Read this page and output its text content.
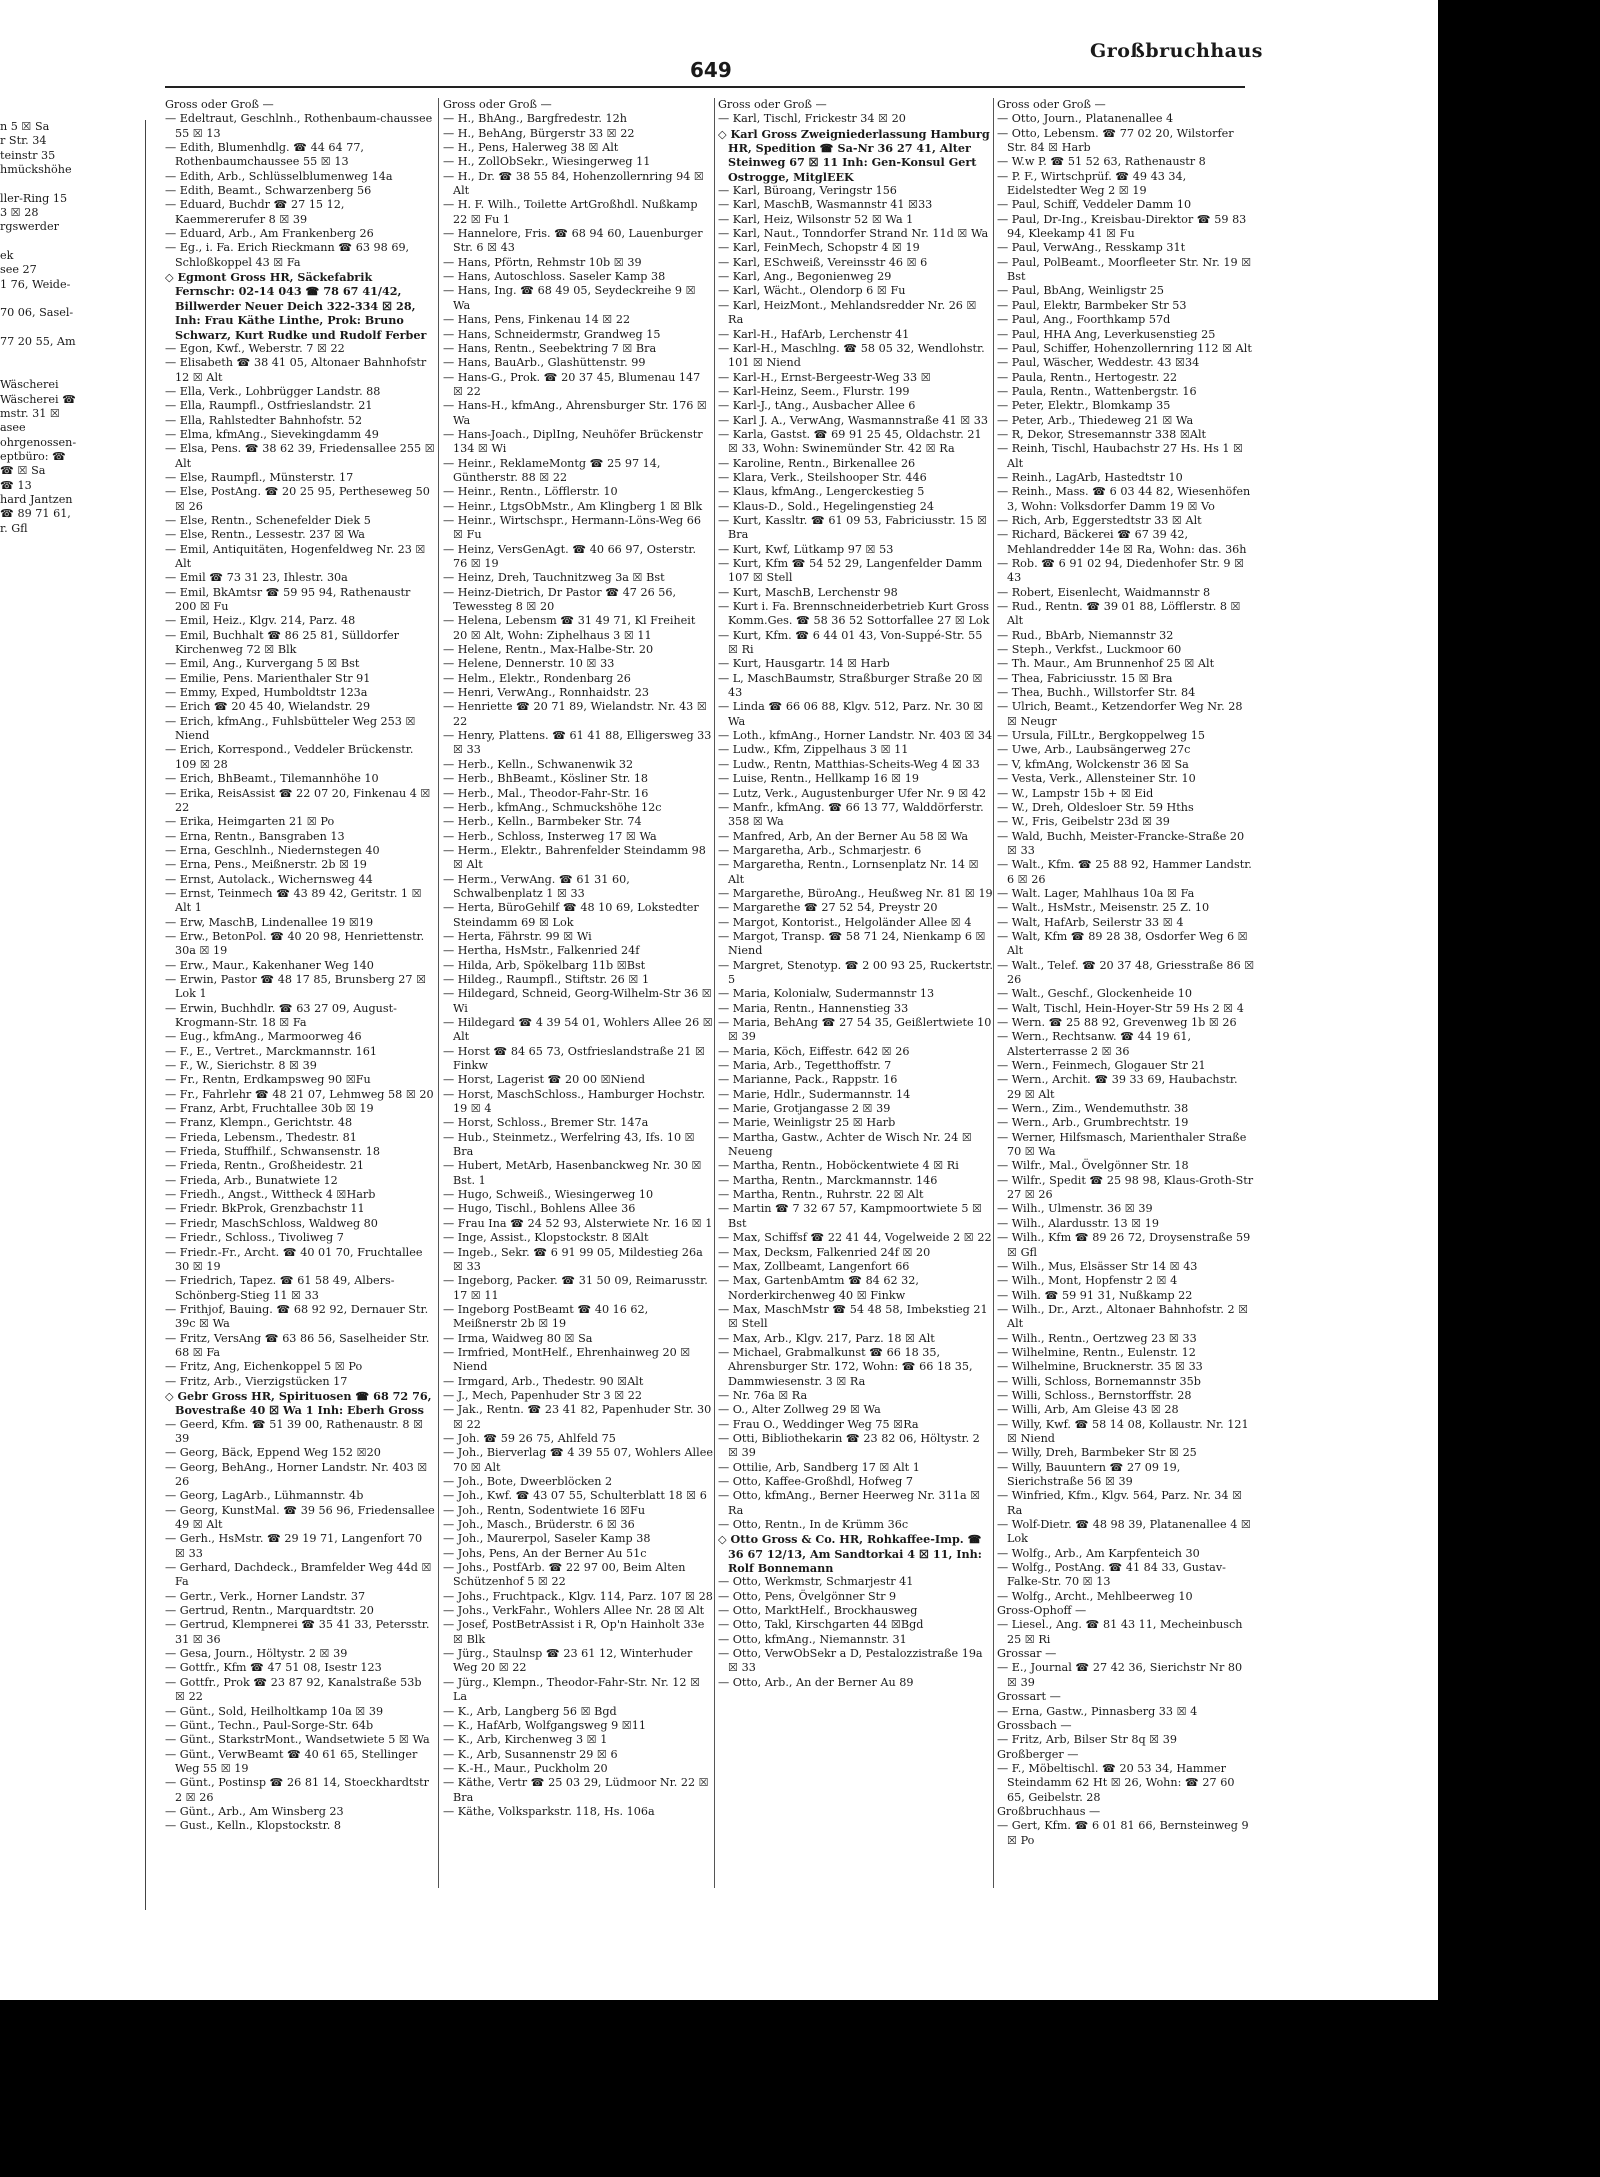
n 5 ☒ Sa
r Str. 34
teinstr 35
hmückshöhe

ller-Ring 15
3 ☒ 28
rgswerder

ek
see 27
1 76, Weide-

70 06, Sasel-

77 20 55, Am

Wäscherei
Wäscherei ☎
mstr. 31 ☒
asee
ohrgenossen-
eptbüro: ☎
☎ ☒ Sa
☎ 13
hard Jantzen
☎ 89 71 61,
r. Gfl
649
Großbruchhaus
Gross oder Groß —
— Edeltraut, Geschlnh., Rothenbaum-chaussee 55 ☒ 13
— Edith, Blumenhdlg. ☎ 44 64 77, Rothenbaumchaussee 55 ☒ 13
— Edith, Arb., Schlüsselblumenweg 14a
— Edith, Beamt., Schwarzenberg 56
— Eduard, Buchdr ☎ 27 15 12, Kaemmererufer 8 ☒ 39
— Eduard, Arb., Am Frankenberg 26
— Eg., i. Fa. Erich Rieckmann ☎ 63 98 69, Schloßkoppel 43 ☒ Fa
◇ Egmont Gross HR, Säckefabrik Fernschr: 02-14 043 ☎ 78 67 41/42, Billwerder Neuer Deich 322-334 ☒ 28, Inh: Frau Käthe Linthe, Prok: Bruno Schwarz, Kurt Rudke und Rudolf Ferber
— Egon, Kwf., Weberstr. 7 ☒ 22
— Elisabeth ☎ 38 41 05, Altonaer Bahnhofstr 12 ☒ Alt
— Ella, Verk., Lohbrügger Landstr. 88
— Ella, Raumpfl., Ostfrieslandstr. 21
— Ella, Rahlstedter Bahnhofstr. 52
— Elma, kfmAng., Sievekingdamm 49
— Elsa, Pens. ☎ 38 62 39, Friedensallee 255 ☒ Alt
— Else, Raumpfl., Münsterstr. 17
— Else, PostAng. ☎ 20 25 95, Pertheseweg 50 ☒ 26
— Else, Rentn., Schenefelder Diek 5
— Else, Rentn., Lessestr. 237 ☒ Wa
— Emil, Antiquitäten, Hogenfeldweg Nr. 23 ☒ Alt
— Emil ☎ 73 31 23, Ihlestr. 30a
— Emil, BkAmtsr ☎ 59 95 94, Rathenaustr 200 ☒ Fu
— Emil, Heiz., Klgv. 214, Parz. 48
— Emil, Buchhalt ☎ 86 25 81, Sülldorfer Kirchenweg 72 ☒ Blk
— Emil, Ang., Kurvergang 5 ☒ Bst
— Emilie, Pens. Marienthaler Str 91
— Emmy, Exped, Humboldtstr 123a
— Erich ☎ 20 45 40, Wielandstr. 29
— Erich, kfmAng., Fuhlsbütteler Weg 253 ☒ Niend
— Erich, Korrespond., Veddeler Brückenstr. 109 ☒ 28
— Erich, BhBeamt., Tilemannhöhe 10
— Erika, ReisAssist ☎ 22 07 20, Finkenau 4 ☒ 22
— Erika, Heimgarten 21 ☒ Po
— Erna, Rentn., Bansgraben 13
— Erna, Geschlnh., Niedernstegen 40
— Erna, Pens., Meißnerstr. 2b ☒ 19
— Ernst, Autolack., Wichernsweg 44
— Ernst, Teinmech ☎ 43 89 42, Geritstr. 1 ☒ Alt 1
— Erw, MaschB, Lindenallee 19 ☒19
— Erw., BetonPol. ☎ 40 20 98, Henriettenstr. 30a ☒ 19
— Erw., Maur., Kakenhaner Weg 140
— Erwin, Pastor ☎ 48 17 85, Brunsberg 27 ☒ Lok 1
— Erwin, Buchhdlr. ☎ 63 27 09, August-Krogmann-Str. 18 ☒ Fa
— Eug., kfmAng., Marmoorweg 46
— F., E., Vertret., Marckmannstr. 161
— F., W., Sierichstr. 8 ☒ 39
— Fr., Rentn, Erdkampsweg 90 ☒Fu
— Fr., Fahrlehr ☎ 48 21 07, Lehmweg 58 ☒ 20
— Franz, Arbt, Fruchtallee 30b ☒ 19
— Franz, Klempn., Gerichtstr. 48
— Frieda, Lebensm., Thedestr. 81
— Frieda, Stuffhilf., Schwansenstr. 18
— Frieda, Rentn., Großheidestr. 21
— Frieda, Arb., Bunatwiete 12
— Friedh., Angst., Wittheck 4 ☒Harb
— Friedr. BkProk, Grenzbachstr 11
— Friedr, MaschSchloss, Waldweg 80
— Friedr., Schloss., Tivoliweg 7
— Friedr.-Fr., Archt. ☎ 40 01 70, Fruchtallee 30 ☒ 19
— Friedrich, Tapez. ☎ 61 58 49, Albers-Schönberg-Stieg 11 ☒ 33
— Frithjof, Bauing. ☎ 68 92 92, Dernauer Str. 39c ☒ Wa
— Fritz, VersAng ☎ 63 86 56, Saselheider Str. 68 ☒ Fa
— Fritz, Ang, Eichenkoppel 5 ☒ Po
— Fritz, Arb., Vierzigstücken 17
◇ Gebr Gross HR, Spirituosen ☎ 68 72 76, Bovestraße 40 ☒ Wa 1 Inh: Eberh Gross
— Geerd, Kfm. ☎ 51 39 00, Rathenaustr. 8 ☒ 39
— Georg, Bäck, Eppend Weg 152 ☒20
— Georg, BehAng., Horner Landstr. Nr. 403 ☒ 26
— Georg, LagArb., Lühmannstr. 4b
— Georg, KunstMal. ☎ 39 56 96, Friedensallee 49 ☒ Alt
— Gerh., HsMstr. ☎ 29 19 71, Langenfort 70 ☒ 33
— Gerhard, Dachdeck., Bramfelder Weg 44d ☒ Fa
— Gertr., Verk., Horner Landstr. 37
— Gertrud, Rentn., Marquardtstr. 20
— Gertrud, Klempnerei ☎ 35 41 33, Petersstr. 31 ☒ 36
— Gesa, Journ., Höltystr. 2 ☒ 39
— Gottfr., Kfm ☎ 47 51 08, Isestr 123
— Gottfr., Prok ☎ 23 87 92, Kanalstraße 53b ☒ 22
— Günt., Sold, Heilholtkamp 10a ☒ 39
— Günt., Techn., Paul-Sorge-Str. 64b
— Günt., StarkstrMont., Wandsetwiete 5 ☒ Wa
— Günt., VerwBeamt ☎ 40 61 65, Stellinger Weg 55 ☒ 19
— Günt., Postinsp ☎ 26 81 14, Stoeckhardtstr 2 ☒ 26
— Günt., Arb., Am Winsberg 23
— Gust., Kelln., Klopstockstr. 8
Gross oder Groß —
— H., BhAng., Bargfredestr. 12h
— H., BehAng, Bürgerstr 33 ☒ 22
— H., Pens, Halerweg 38 ☒ Alt
— H., ZollObSekr., Wiesingerweg 11
— H., Dr. ☎ 38 55 84, Hohenzollernring 94 ☒ Alt
— H. F. Wilh., Toilette ArtGroßhdl. Nußkamp 22 ☒ Fu 1
— Hannelore, Fris. ☎ 68 94 60, Lauenburger Str. 6 ☒ 43
— Hans, Pförtn, Rehmstr 10b ☒ 39
— Hans, Autoschloss. Saseler Kamp 38
— Hans, Ing. ☎ 68 49 05, Seydeckreihe 9 ☒ Wa
— Hans, Pens, Finkenau 14 ☒ 22
— Hans, Schneidermstr, Grandweg 15
— Hans, Rentn., Seebektring 7 ☒ Bra
— Hans, BauArb., Glashüttenstr. 99
— Hans-G., Prok. ☎ 20 37 45, Blumenau 147 ☒ 22
— Hans-H., kfmAng., Ahrensburger Str. 176 ☒ Wa
— Hans-Joach., DiplIng, Neuhöfer Brückenstr 134 ☒ Wi
— Heinr., ReklameMontg ☎ 25 97 14, Güntherstr. 88 ☒ 22
— Heinr., Rentn., Löfflerstr. 10
— Heinr., LtgsObMstr., Am Klingberg 1 ☒ Blk
— Heinr., Wirtschspr., Hermann-Löns-Weg 66 ☒ Fu
— Heinz, VersGenAgt. ☎ 40 66 97, Osterstr. 76 ☒ 19
— Heinz, Dreh, Tauchnitzweg 3a ☒ Bst
— Heinz-Dietrich, Dr Pastor ☎ 47 26 56, Tewessteg 8 ☒ 20
— Helena, Lebensm ☎ 31 49 71, Kl Freiheit 20 ☒ Alt, Wohn: Ziphelhaus 3 ☒ 11
— Helene, Rentn., Max-Halbe-Str. 20
— Helene, Dennerstr. 10 ☒ 33
— Helm., Elektr., Rondenbarg 26
— Henri, VerwAng., Ronnhaidstr. 23
— Henriette ☎ 20 71 89, Wielandstr. Nr. 43 ☒ 22
— Henry, Plattens. ☎ 61 41 88, Elligersweg 33 ☒ 33
— Herb., Kelln., Schwanenwik 32
— Herb., BhBeamt., Kösliner Str. 18
— Herb., Mal., Theodor-Fahr-Str. 16
— Herb., kfmAng., Schmuckshöhe 12c
— Herb., Kelln., Barmbeker Str. 74
— Herb., Schloss, Insterweg 17 ☒ Wa
— Herm., Elektr., Bahrenfelder Steindamm 98 ☒ Alt
— Herm., VerwAng. ☎ 61 31 60, Schwalbenplatz 1 ☒ 33
— Herta, BüroGehilf ☎ 48 10 69, Lokstedter Steindamm 69 ☒ Lok
— Herta, Fährstr. 99 ☒ Wi
— Hertha, HsMstr., Falkenried 24f
— Hilda, Arb, Spökelbarg 11b ☒Bst
— Hildeg., Raumpfl., Stiftstr. 26 ☒ 1
— Hildegard, Schneid, Georg-Wilhelm-Str 36 ☒ Wi
— Hildegard ☎ 4 39 54 01, Wohlers Allee 26 ☒ Alt
— Horst ☎ 84 65 73, Ostfrieslandstraße 21 ☒ Finkw
— Horst, Lagerist ☎ 20 00 ☒Niend
— Horst, MaschSchloss., Hamburger Hochstr. 19 ☒ 4
— Horst, Schloss., Bremer Str. 147a
— Hub., Steinmetz., Werfelring 43, Ifs. 10 ☒ Bra
— Hubert, MetArb, Hasenbanckweg Nr. 30 ☒ Bst. 1
— Hugo, Schweiß., Wiesingerweg 10
— Hugo, Tischl., Bohlens Allee 36
— Frau Ina ☎ 24 52 93, Alsterwiete Nr. 16 ☒ 1
— Inge, Assist., Klopstockstr. 8 ☒Alt
— Ingeb., Sekr. ☎ 6 91 99 05, Mildestieg 26a ☒ 33
— Ingeborg, Packer. ☎ 31 50 09, Reimarusstr. 17 ☒ 11
— Ingeborg PostBeamt ☎ 40 16 62, Meißnerstr 2b ☒ 19
— Irma, Waidweg 80 ☒ Sa
— Irmfried, MontHelf., Ehrenhainweg 20 ☒ Niend
— Irmgard, Arb., Thedestr. 90 ☒Alt
— J., Mech, Papenhuder Str 3 ☒ 22
— Jak., Rentn. ☎ 23 41 82, Papenhuder Str. 30 ☒ 22
— Joh. ☎ 59 26 75, Ahlfeld 75
— Joh., Bierverlag ☎ 4 39 55 07, Wohlers Allee 70 ☒ Alt
— Joh., Bote, Dweerblöcken 2
— Joh., Kwf. ☎ 43 07 55, Schulterblatt 18 ☒ 6
— Joh., Rentn, Sodentwiete 16 ☒Fu
— Joh., Masch., Brüderstr. 6 ☒ 36
— Joh., Maurerpol, Saseler Kamp 38
— Johs, Pens, An der Berner Au 51c
— Johs., PostfArb. ☎ 22 97 00, Beim Alten Schützenhof 5 ☒ 22
— Johs., Fruchtpack., Klgv. 114, Parz. 107 ☒ 28
— Johs., VerkFahr., Wohlers Allee Nr. 28 ☒ Alt
— Josef, PostBetrAssist i R, Op'n Hainholt 33e ☒ Blk
— Jürg., Staulnsp ☎ 23 61 12, Winterhuder Weg 20 ☒ 22
— Jürg., Klempn., Theodor-Fahr-Str. Nr. 12 ☒ La
— K., Arb, Langberg 56 ☒ Bgd
— K., HafArb, Wolfgangsweg 9 ☒11
— K., Arb, Kirchenweg 3 ☒ 1
— K., Arb, Susannenstr 29 ☒ 6
— K.-H., Maur., Puckholm 20
— Käthe, Vertr ☎ 25 03 29, Lüdmoor Nr. 22 ☒ Bra
— Käthe, Volksparkstr. 118, Hs. 106a
Gross oder Groß —
— Karl, Tischl, Frickestr 34 ☒ 20
◇ Karl Gross Zweigniederlassung Hamburg HR, Spedition ☎ Sa-Nr 36 27 41, Alter Steinweg 67 ☒ 11 Inh: Gen-Konsul Gert Ostrogge, MitglEEK
— Karl, Büroang, Veringstr 156
— Karl, MaschB, Wasmannstr 41 ☒33
— Karl, Heiz, Wilsonstr 52 ☒ Wa 1
— Karl, Naut., Tonndorfer Strand Nr. 11d ☒ Wa
— Karl, FeinMech, Schopstr 4 ☒ 19
— Karl, ESchweiß, Vereinsstr 46 ☒ 6
— Karl, Ang., Begonienweg 29
— Karl, Wächt., Olendorp 6 ☒ Fu
— Karl, HeizMont., Mehlandsredder Nr. 26 ☒ Ra
— Karl-H., HafArb, Lerchenstr 41
— Karl-H., Maschlng. ☎ 58 05 32, Wendlohstr. 101 ☒ Niend
— Karl-H., Ernst-Bergeestr-Weg 33 ☒
— Karl-Heinz, Seem., Flurstr. 199
— Karl-J., tAng., Ausbacher Allee 6
— Karl J. A., VerwAng, Wasmannstraße 41 ☒ 33
— Karla, Gastst. ☎ 69 91 25 45, Oldachstr. 21 ☒ 33, Wohn: Swinemünder Str. 42 ☒ Ra
— Karoline, Rentn., Birkenallee 26
— Klara, Verk., Steilshooper Str. 446
— Klaus, kfmAng., Lengerckestieg 5
— Klaus-D., Sold., Hegelingenstieg 24
— Kurt, Kassltr. ☎ 61 09 53, Fabriciusstr. 15 ☒ Bra
— Kurt, Kwf, Lütkamp 97 ☒ 53
— Kurt, Kfm ☎ 54 52 29, Langenfelder Damm 107 ☒ Stell
— Kurt, MaschB, Lerchenstr 98
— Kurt i. Fa. Brennschneiderbetrieb Kurt Gross Komm.Ges. ☎ 58 36 52 Sottorfallee 27 ☒ Lok
— Kurt, Kfm. ☎ 6 44 01 43, Von-Suppé-Str. 55 ☒ Ri
— Kurt, Hausgartr. 14 ☒ Harb
— L, MaschBaumstr, Straßburger Straße 20 ☒ 43
— Linda ☎ 66 06 88, Klgv. 512, Parz. Nr. 30 ☒ Wa
— Loth., kfmAng., Horner Landstr. Nr. 403 ☒ 34
— Ludw., Kfm, Zippelhaus 3 ☒ 11
— Ludw., Rentn, Matthias-Scheits-Weg 4 ☒ 33
— Luise, Rentn., Hellkamp 16 ☒ 19
— Lutz, Verk., Augustenburger Ufer Nr. 9 ☒ 42
— Manfr., kfmAng. ☎ 66 13 77, Walddörferstr. 358 ☒ Wa
— Manfred, Arb, An der Berner Au 58 ☒ Wa
— Margaretha, Arb., Schmarjestr. 6
— Margaretha, Rentn., Lornsenplatz Nr. 14 ☒ Alt
— Margarethe, BüroAng., Heußweg Nr. 81 ☒ 19
— Margarethe ☎ 27 52 54, Preystr 20
— Margot, Kontorist., Helgoländer Allee ☒ 4
— Margot, Transp. ☎ 58 71 24, Nienkamp 6 ☒ Niend
— Margret, Stenotyp. ☎ 2 00 93 25, Ruckertstr. 5
— Maria, Kolonialw, Sudermannstr 13
— Maria, Rentn., Hannenstieg 33
— Maria, BehAng ☎ 27 54 35, Geißlertwiete 10 ☒ 39
— Maria, Köch, Eiffestr. 642 ☒ 26
— Maria, Arb., Tegetthoffstr. 7
— Marianne, Pack., Rappstr. 16
— Marie, Hdlr., Sudermannstr. 14
— Marie, Grotjangasse 2 ☒ 39
— Marie, Weinligstr 25 ☒ Harb
— Martha, Gastw., Achter de Wisch Nr. 24 ☒ Neueng
— Martha, Rentn., Hoböckentwiete 4 ☒ Ri
— Martha, Rentn., Marckmannstr. 146
— Martha, Rentn., Ruhrstr. 22 ☒ Alt
— Martin ☎ 7 32 67 57, Kampmoortwiete 5 ☒ Bst
— Max, Schiffsf ☎ 22 41 44, Vogelweide 2 ☒ 22
— Max, Decksm, Falkenried 24f ☒ 20
— Max, Zollbeamt, Langenfort 66
— Max, GartenbAmtm ☎ 84 62 32, Norderkirchenweg 40 ☒ Finkw
— Max, MaschMstr ☎ 54 48 58, Imbekstieg 21 ☒ Stell
— Max, Arb., Klgv. 217, Parz. 18 ☒ Alt
— Michael, Grabmalkunst ☎ 66 18 35, Ahrensburger Str. 172, Wohn: ☎ 66 18 35, Dammwiesenstr. 3 ☒ Ra
— Nr. 76a ☒ Ra
— O., Alter Zollweg 29 ☒ Wa
— Frau O., Weddinger Weg 75 ☒Ra
— Otti, Bibliothekarin ☎ 23 82 06, Höltystr. 2 ☒ 39
— Ottilie, Arb, Sandberg 17 ☒ Alt 1
— Otto, Kaffee-Großhdl, Hofweg 7
— Otto, kfmAng., Berner Heerweg Nr. 311a ☒ Ra
— Otto, Rentn., In de Krümm 36c
◇ Otto Gross & Co. HR, Rohkaffee-Imp. ☎ 36 67 12/13, Am Sandtorkai 4 ☒ 11, Inh: Rolf Bonnemann
— Otto, Werkmstr, Schmarjestr 41
— Otto, Pens, Övelgönner Str 9
— Otto, MarktHelf., Brockhausweg
— Otto, Takl, Kirschgarten 44 ☒Bgd
— Otto, kfmAng., Niemannstr. 31
— Otto, VerwObSekr a D, Pestalozzistraße 19a ☒ 33
— Otto, Arb., An der Berner Au 89
Gross oder Groß —
— Otto, Journ., Platanenallee 4
— Otto, Lebensm. ☎ 77 02 20, Wilstorfer Str. 84 ☒ Harb
— W.w P. ☎ 51 52 63, Rathenaustr 8
— P. F., Wirtschprüf. ☎ 49 43 34, Eidelstedter Weg 2 ☒ 19
— Paul, Schiff, Veddeler Damm 10
— Paul, Dr-Ing., Kreisbau-Direktor ☎ 59 83 94, Kleekamp 41 ☒ Fu
— Paul, VerwAng., Resskamp 31t
— Paul, PolBeamt., Moorfleeter Str. Nr. 19 ☒ Bst
— Paul, BbAng, Weinligstr 25
— Paul, Elektr, Barmbeker Str 53
— Paul, Ang., Foorthkamp 57d
— Paul, HHA Ang, Leverkusenstieg 25
— Paul, Schiffer, Hohenzollernring 112 ☒ Alt
— Paul, Wäscher, Weddestr. 43 ☒34
— Paula, Rentn., Hertogestr. 22
— Paula, Rentn., Wattenbergstr. 16
— Peter, Elektr., Blomkamp 35
— Peter, Arb., Thiedeweg 21 ☒ Wa
— R, Dekor, Stresemannstr 338 ☒Alt
— Reinh, Tischl, Haubachstr 27 Hs. Hs 1 ☒ Alt
— Reinh., LagArb, Hastedtstr 10
— Reinh., Mass. ☎ 6 03 44 82, Wiesenhöfen 3, Wohn: Volksdorfer Damm 19 ☒ Vo
— Rich, Arb, Eggerstedtstr 33 ☒ Alt
— Richard, Bäckerei ☎ 67 39 42, Mehlandredder 14e ☒ Ra, Wohn: das. 36h
— Rob. ☎ 6 91 02 94, Diedenhofer Str. 9 ☒ 43
— Robert, Eisenlecht, Waidmannstr 8
— Rud., Rentn. ☎ 39 01 88, Löfflerstr. 8 ☒ Alt
— Rud., BbArb, Niemannstr 32
— Steph., Verkfst., Luckmoor 60
— Th. Maur., Am Brunnenhof 25 ☒ Alt
— Thea, Fabriciusstr. 15 ☒ Bra
— Thea, Buchh., Willstorfer Str. 84
— Ulrich, Beamt., Ketzendorfer Weg Nr. 28 ☒ Neugr
— Ursula, FilLtr., Bergkoppelweg 15
— Uwe, Arb., Laubsängerweg 27c
— V, kfmAng, Wolckenstr 36 ☒ Sa
— Vesta, Verk., Allensteiner Str. 10
— W., Lampstr 15b + ☒ Eid
— W., Dreh, Oldesloer Str. 59 Hths
— W., Fris, Geibelstr 23d ☒ 39
— Wald, Buchh, Meister-Francke-Straße 20 ☒ 33
— Walt., Kfm. ☎ 25 88 92, Hammer Landstr. 6 ☒ 26
— Walt. Lager, Mahlhaus 10a ☒ Fa
— Walt., HsMstr., Meisenstr. 25 Z. 10
— Walt, HafArb, Seilerstr 33 ☒ 4
— Walt, Kfm ☎ 89 28 38, Osdorfer Weg 6 ☒ Alt
— Walt., Telef. ☎ 20 37 48, Griesstraße 86 ☒ 26
— Walt., Geschf., Glockenheide 10
— Walt, Tischl, Hein-Hoyer-Str 59 Hs 2 ☒ 4
— Wern. ☎ 25 88 92, Grevenweg 1b ☒ 26
— Wern., Rechtsanw. ☎ 44 19 61, Alsterterrasse 2 ☒ 36
— Wern., Feinmech, Glogauer Str 21
— Wern., Archit. ☎ 39 33 69, Haubachstr. 29 ☒ Alt
— Wern., Zim., Wendemuthstr. 38
— Wern., Arb., Grumbrechtstr. 19
— Werner, Hilfsmasch, Marienthaler Straße 70 ☒ Wa
— Wilfr., Mal., Övelgönner Str. 18
— Wilfr., Spedit ☎ 25 98 98, Klaus-Groth-Str 27 ☒ 26
— Wilh., Ulmenstr. 36 ☒ 39
— Wilh., Alardusstr. 13 ☒ 19
— Wilh., Kfm ☎ 89 26 72, Droysenstraße 59 ☒ Gfl
— Wilh., Mus, Elsässer Str 14 ☒ 43
— Wilh., Mont, Hopfenstr 2 ☒ 4
— Wilh. ☎ 59 91 31, Nußkamp 22
— Wilh., Dr., Arzt., Altonaer Bahnhofstr. 2 ☒ Alt
— Wilh., Rentn., Oertzweg 23 ☒ 33
— Wilhelmine, Rentn., Eulenstr. 12
— Wilhelmine, Brucknerstr. 35 ☒ 33
— Willi, Schloss, Bornemannstr 35b
— Willi, Schloss., Bernstorffstr. 28
— Willi, Arb, Am Gleise 43 ☒ 28
— Willy, Kwf. ☎ 58 14 08, Kollaustr. Nr. 121 ☒ Niend
— Willy, Dreh, Barmbeker Str ☒ 25
— Willy, Bauuntern ☎ 27 09 19, Sierichstraße 56 ☒ 39
— Winfried, Kfm., Klgv. 564, Parz. Nr. 34 ☒ Ra
— Wolf-Dietr. ☎ 48 98 39, Platanenallee 4 ☒ Lok
— Wolfg., Arb., Am Karpfenteich 30
— Wolfg., PostAng. ☎ 41 84 33, Gustav-Falke-Str. 70 ☒ 13
— Wolfg., Archt., Mehlbeerweg 10
Gross-Ophoff —
— Liesel., Ang. ☎ 81 43 11, Mecheinbusch 25 ☒ Ri
Grossar —
— E., Journal ☎ 27 42 36, Sierichstr Nr 80 ☒ 39
Grossart —
— Erna, Gastw., Pinnasberg 33 ☒ 4
Grossbach —
— Fritz, Arb, Bilser Str 8q ☒ 39
Großberger —
— F., Möbeltischl. ☎ 20 53 34, Hammer Steindamm 62 Ht ☒ 26, Wohn: ☎ 27 60 65, Geibelstr. 28
Großbruchhaus —
— Gert, Kfm. ☎ 6 01 81 66, Bernsteinweg 9 ☒ Po
